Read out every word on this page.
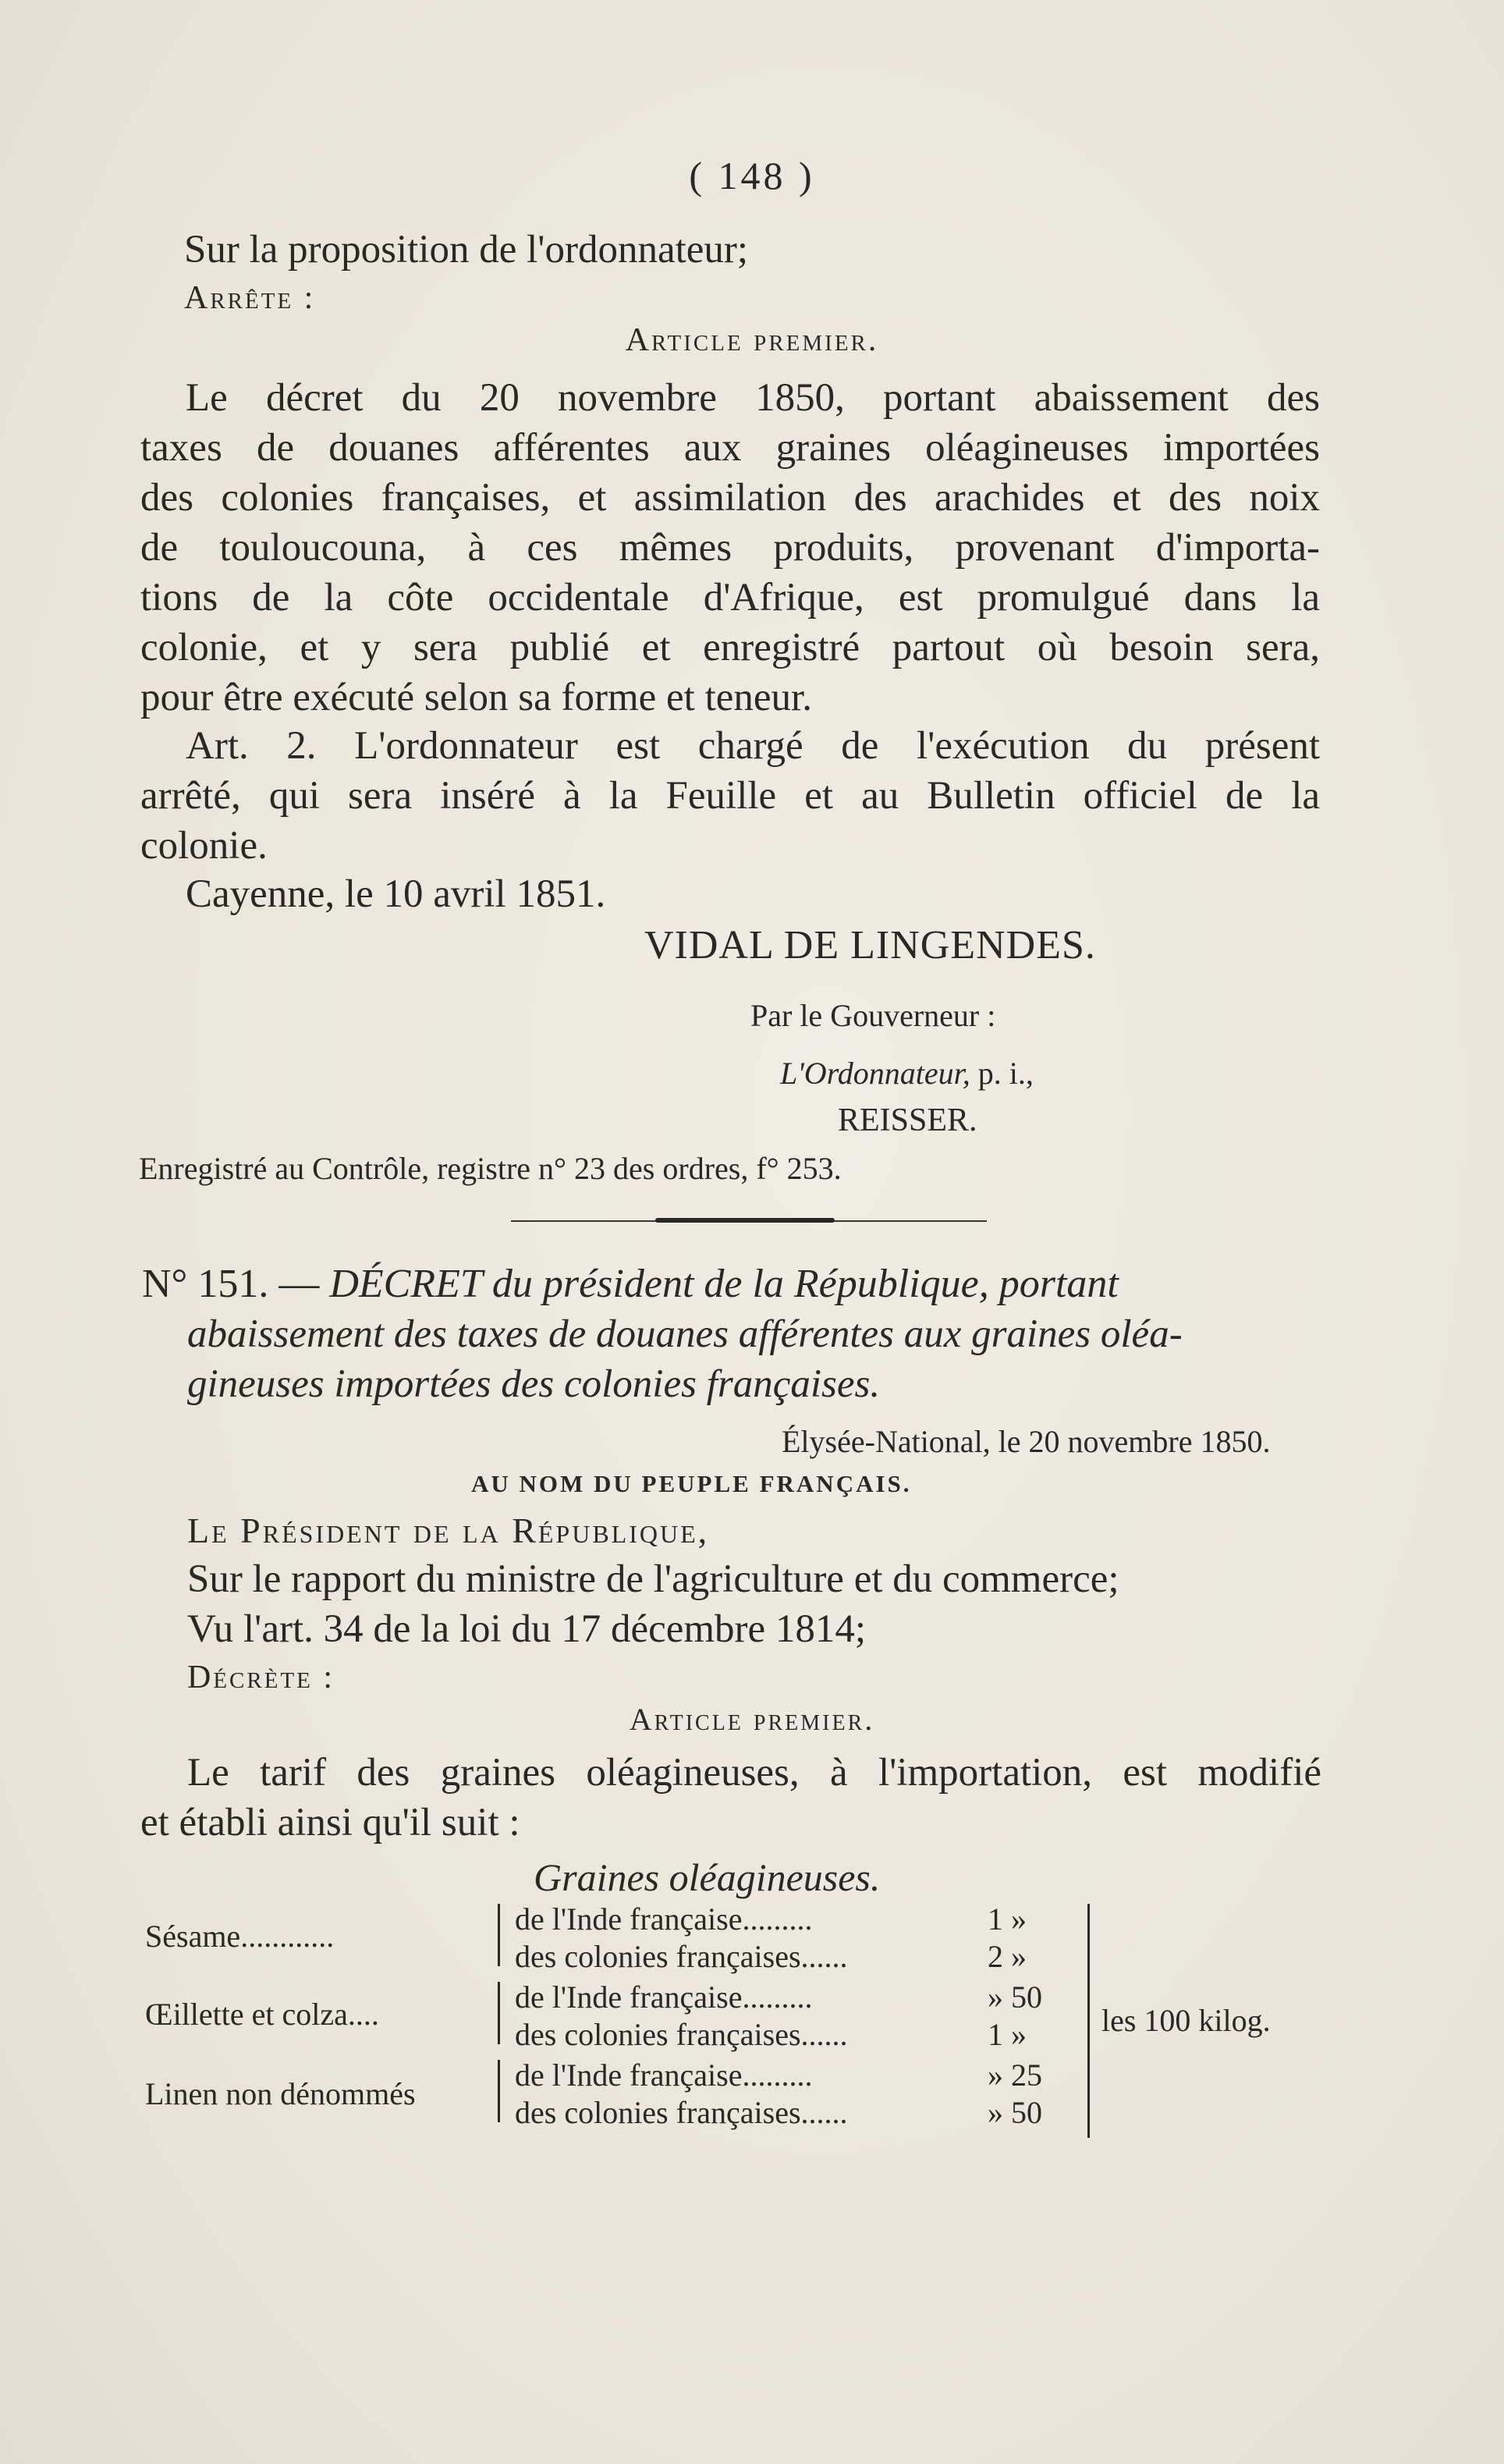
( 148 )
Sur la proposition de l'ordonnateur;
Arrête :
Article premier.
Le décret du 20 novembre 1850, portant abaissement des
taxes de douanes afférentes aux graines oléagineuses importées
des colonies françaises, et assimilation des arachides et des noix
de touloucouna, à ces mêmes produits, provenant d'importa-
tions de la côte occidentale d'Afrique, est promulgué dans la
colonie, et y sera publié et enregistré partout où besoin sera,
pour être exécuté selon sa forme et teneur.
Art. 2. L'ordonnateur est chargé de l'exécution du présent
arrêté, qui sera inséré à la Feuille et au Bulletin officiel de la
colonie.
Cayenne, le 10 avril 1851.
VIDAL DE LINGENDES.
Par le Gouverneur :
L'Ordonnateur, p. i.,
REISSER.
Enregistré au Contrôle, registre n° 23 des ordres, f° 253.
N° 151. — DÉCRET du président de la République, portant
abaissement des taxes de douanes afférentes aux graines oléa-
gineuses importées des colonies françaises.
Élysée-National, le 20 novembre 1850.
AU NOM DU PEUPLE FRANÇAIS.
Le Président de la République,
Sur le rapport du ministre de l'agriculture et du commerce;
Vu l'art. 34 de la loi du 17 décembre 1814;
Décrète :
Article premier.
Le tarif des graines oléagineuses, à l'importation, est modifié
et établi ainsi qu'il suit :
Graines oléagineuses.
Sésame............
Œillette et colza....
Linen non dénommés
de l'Inde française.........
des colonies françaises......
de l'Inde française.........
des colonies françaises......
de l'Inde française.........
des colonies françaises......
1 »
2 »
» 50
1 »
» 25
» 50
les 100 kilog.
